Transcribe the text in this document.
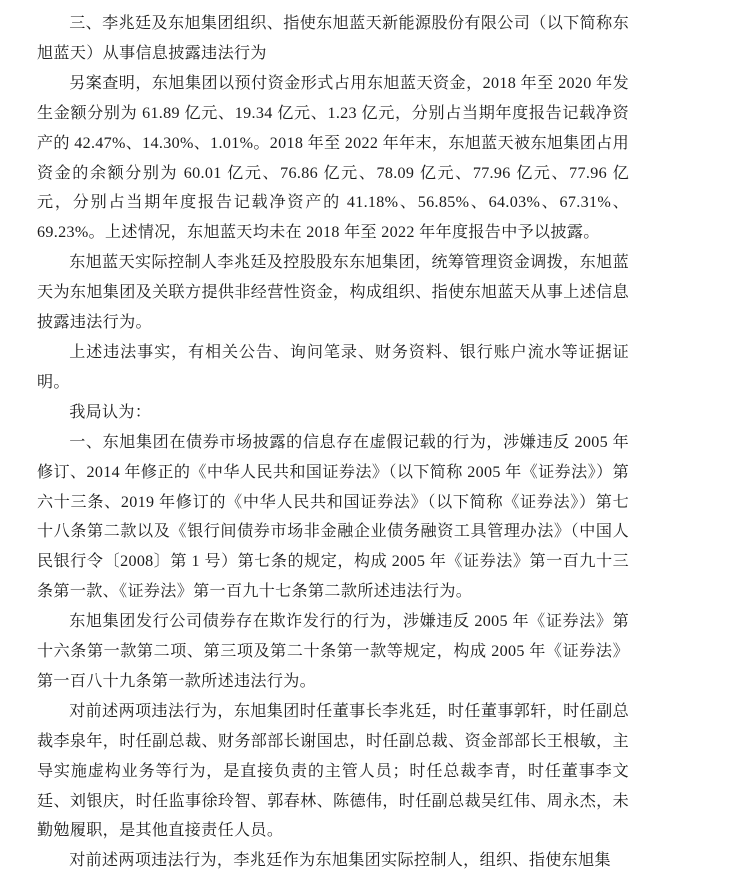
三、李兆廷及东旭集团组织、指使东旭蓝天新能源股份有限公司（以下简称东旭蓝天）从事信息披露违法行为

另案查明，东旭集团以预付资金形式占用东旭蓝天资金，2018 年至 2020 年发生金额分别为 61.89 亿元、19.34 亿元、1.23 亿元，分别占当期年度报告记载净资产的 42.47%、14.30%、1.01%。2018 年至 2022 年年末，东旭蓝天被东旭集团占用资金的余额分别为 60.01 亿元、76.86 亿元、78.09 亿元、77.96 亿元、77.96 亿元，分别占当期年度报告记载净资产的 41.18%、56.85%、64.03%、67.31%、69.23%。上述情况，东旭蓝天均未在 2018 年至 2022 年年度报告中予以披露。

东旭蓝天实际控制人李兆廷及控股股东东旭集团，统筹管理资金调拨，东旭蓝天为东旭集团及关联方提供非经营性资金，构成组织、指使东旭蓝天从事上述信息披露违法行为。

上述违法事实，有相关公告、询问笔录、财务资料、银行账户流水等证据证明。

我局认为：

一、东旭集团在债券市场披露的信息存在虚假记载的行为，涉嫌违反 2005 年修订、2014 年修正的《中华人民共和国证券法》（以下简称 2005 年《证券法》）第六十三条、2019 年修订的《中华人民共和国证券法》（以下简称《证券法》）第七十八条第二款以及《银行间债券市场非金融企业债务融资工具管理办法》（中国人民银行令〔2008〕第 1 号）第七条的规定，构成 2005 年《证券法》第一百九十三条第一款、《证券法》第一百九十七条第二款所述违法行为。

东旭集团发行公司债券存在欺诈发行的行为，涉嫌违反 2005 年《证券法》第十六条第一款第二项、第三项及第二十条第一款等规定，构成 2005 年《证券法》第一百八十九条第一款所述违法行为。

对前述两项违法行为，东旭集团时任董事长李兆廷，时任董事郭轩，时任副总裁李泉年，时任副总裁、财务部部长谢国忠，时任副总裁、资金部部长王根敏，主导实施虚构业务等行为，是直接负责的主管人员；时任总裁李青，时任董事李文廷、刘银庆，时任监事徐玲智、郭春林、陈德伟，时任副总裁吴红伟、周永杰，未勤勉履职，是其他直接责任人员。

对前述两项违法行为，李兆廷作为东旭集团实际控制人，组织、指使东旭集
